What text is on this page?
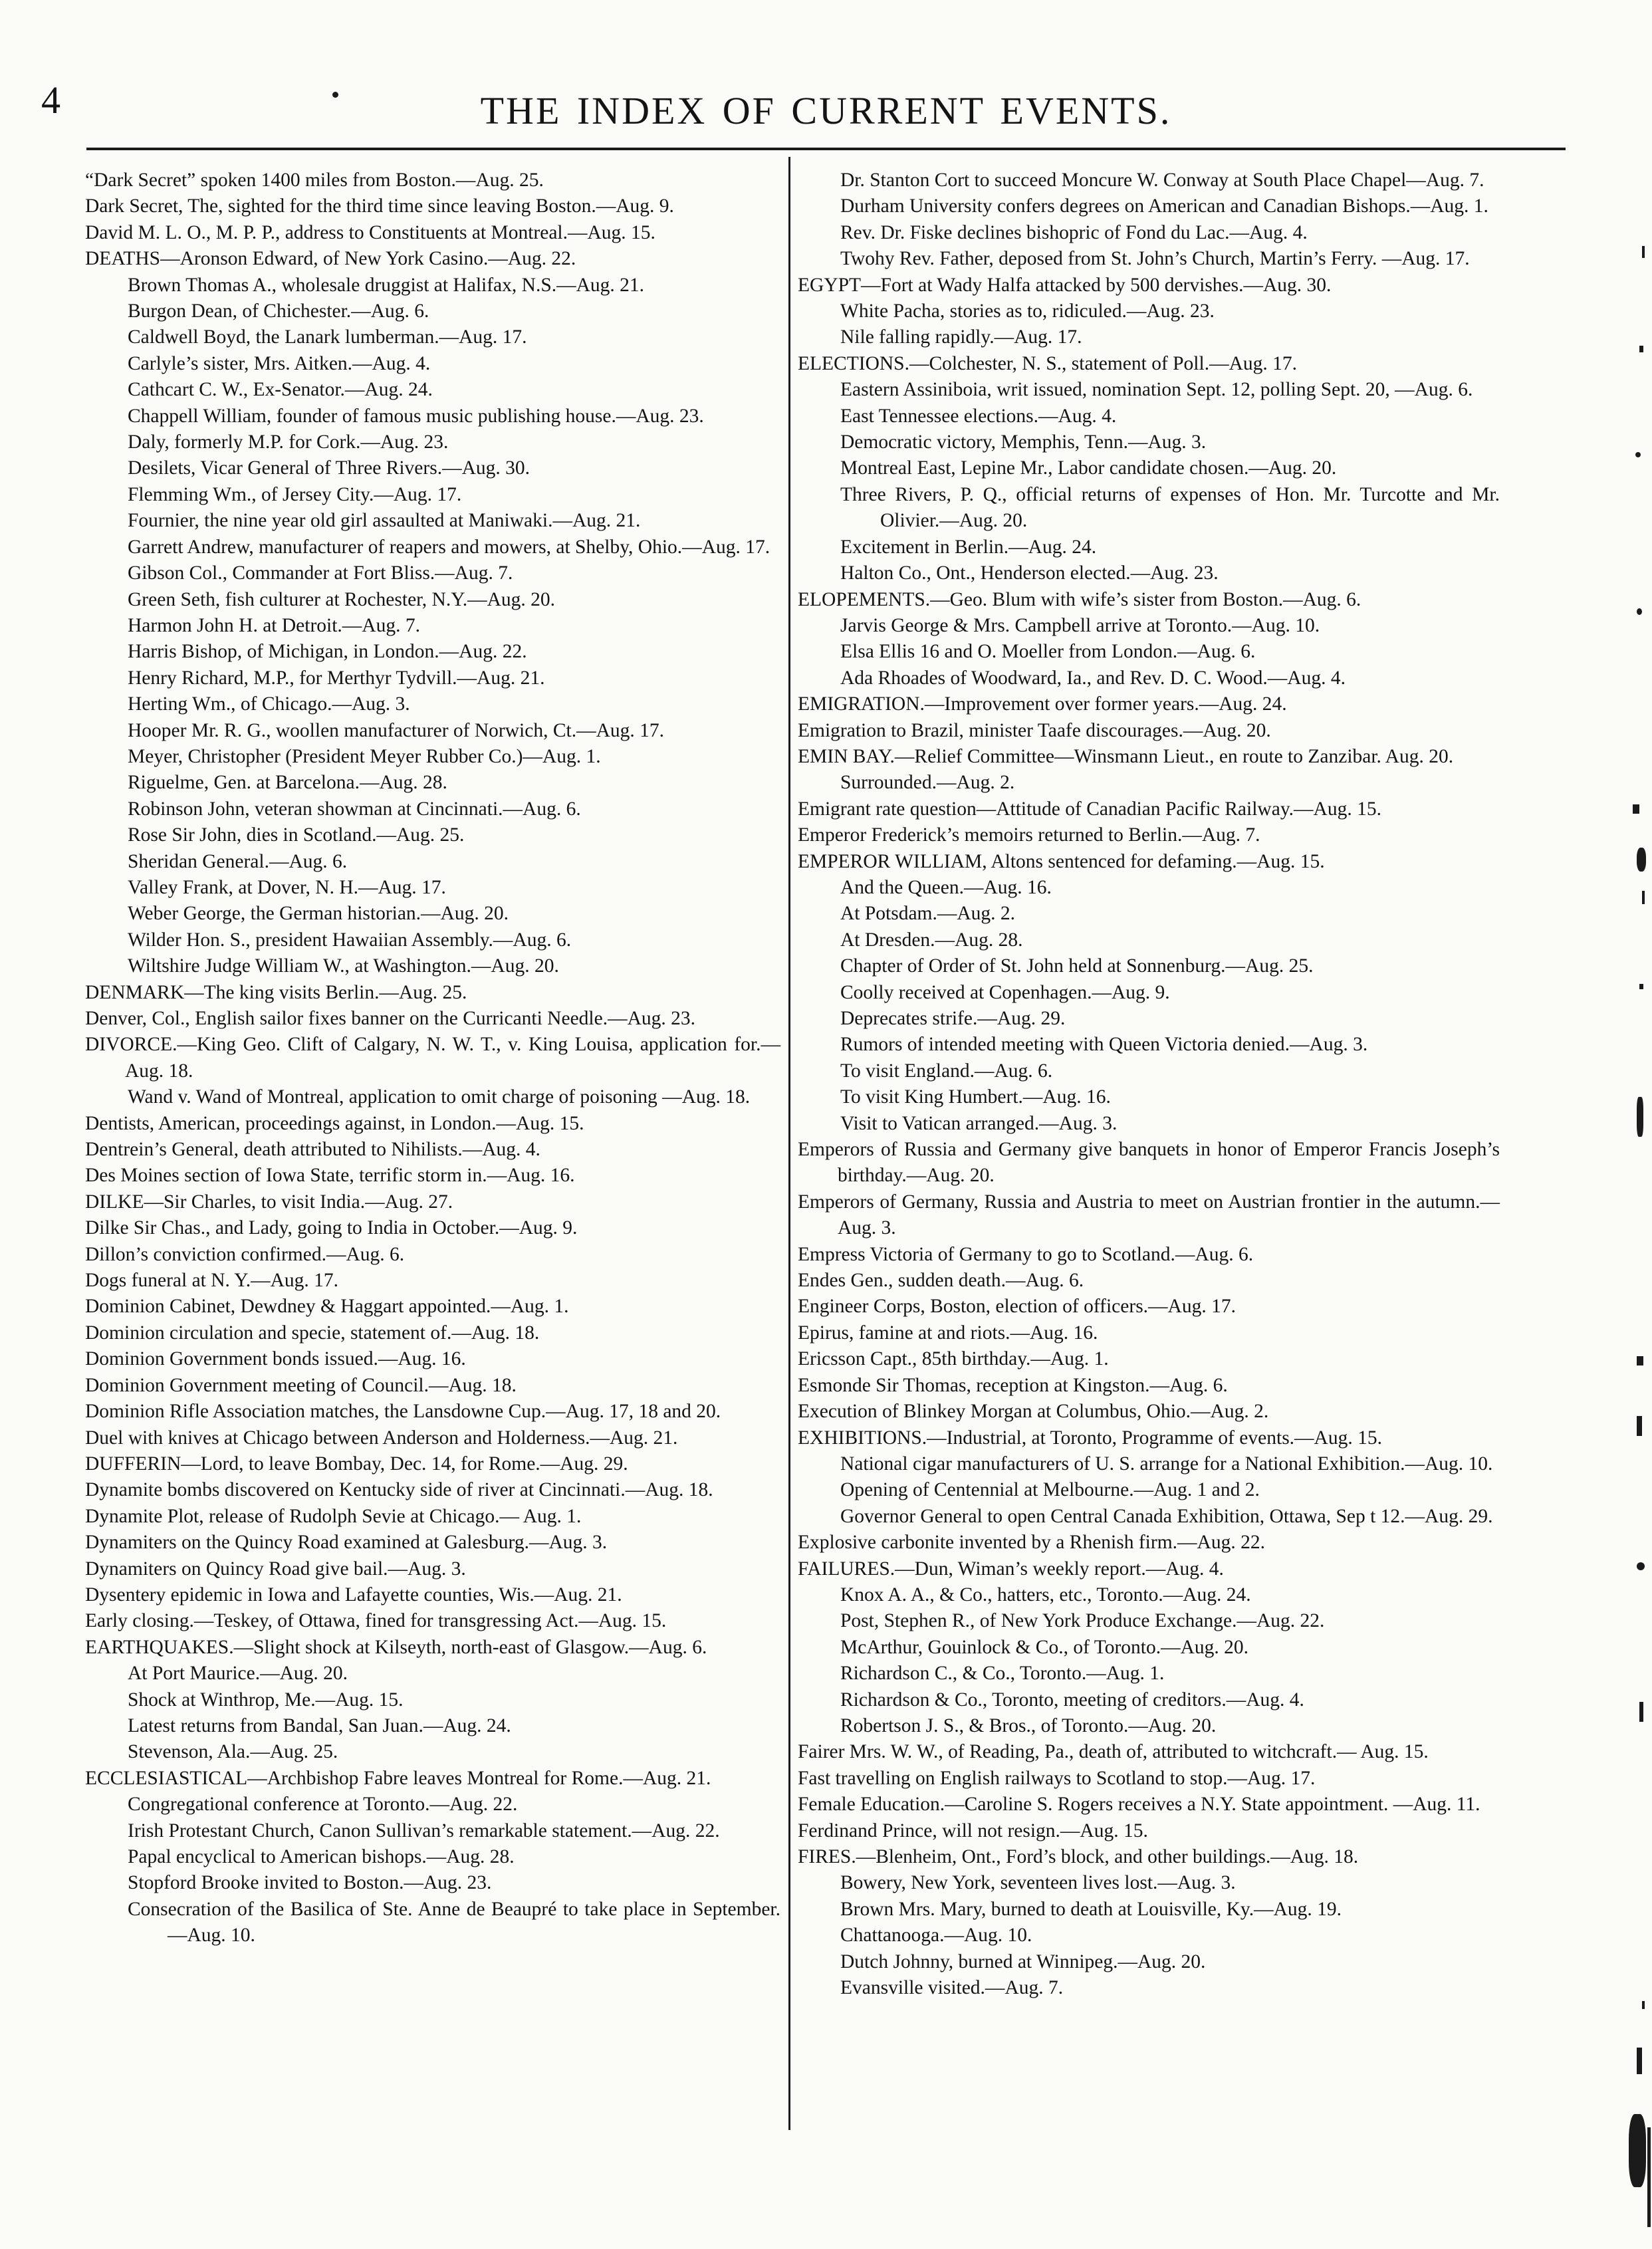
4	THE INDEX OF CURRENT EVENTS.
“Dark Secret” spoken 1400 miles from Boston.—Aug. 25.
Dark Secret, The, sighted for the third time since leaving Boston.—Aug. 9.
David M. L. O., M. P. P., address to Constituents at Montreal.—Aug. 15.
DEATHS—Aronson Edward, of New York Casino.—Aug. 22.
Brown Thomas A., wholesale druggist at Halifax, N.S.—Aug. 21.
Burgon Dean, of Chichester.—Aug. 6.
Caldwell Boyd, the Lanark lumberman.—Aug. 17.
Carlyle’s sister, Mrs. Aitken.—Aug. 4.
Cathcart C. W., Ex-Senator.—Aug. 24.
Chappell William, founder of famous music publishing house.—Aug. 23.
Daly, formerly M.P. for Cork.—Aug. 23.
Desilets, Vicar General of Three Rivers.—Aug. 30.
Flemming Wm., of Jersey City.—Aug. 17.
Fournier, the nine year old girl assaulted at Maniwaki.—Aug. 21.
Garrett Andrew, manufacturer of reapers and mowers, at Shelby, Ohio.—Aug. 17.
Gibson Col., Commander at Fort Bliss.—Aug. 7.
Green Seth, fish culturer at Rochester, N.Y.—Aug. 20.
Harmon John H. at Detroit.—Aug. 7.
Harris Bishop, of Michigan, in London.—Aug. 22.
Henry Richard, M.P., for Merthyr Tydvill.—Aug. 21.
Herting Wm., of Chicago.—Aug. 3.
Hooper Mr. R. G., woollen manufacturer of Norwich, Ct.—Aug. 17.
Meyer, Christopher (President Meyer Rubber Co.)—Aug. 1.
Riguelme, Gen. at Barcelona.—Aug. 28.
Robinson John, veteran showman at Cincinnati.—Aug. 6.
Rose Sir John, dies in Scotland.—Aug. 25.
Sheridan General.—Aug. 6.
Valley Frank, at Dover, N. H.—Aug. 17.
Weber George, the German historian.—Aug. 20.
Wilder Hon. S., president Hawaiian Assembly.—Aug. 6.
Wiltshire Judge William W., at Washington.—Aug. 20.
DENMARK—The king visits Berlin.—Aug. 25.
Denver, Col., English sailor fixes banner on the Curricanti Needle.—Aug. 23.
DIVORCE.—King Geo. Clift of Calgary, N. W. T., v. King Louisa, application for.—Aug. 18.
Wand v. Wand of Montreal, application to omit charge of poisoning —Aug. 18.
Dentists, American, proceedings against, in London.—Aug. 15.
Dentrein’s General, death attributed to Nihilists.—Aug. 4.
Des Moines section of Iowa State, terrific storm in.—Aug. 16.
DILKE—Sir Charles, to visit India.—Aug. 27.
Dilke Sir Chas., and Lady, going to India in October.—Aug. 9.
Dillon’s conviction confirmed.—Aug. 6.
Dogs funeral at N. Y.—Aug. 17.
Dominion Cabinet, Dewdney & Haggart appointed.—Aug. 1.
Dominion circulation and specie, statement of.—Aug. 18.
Dominion Government bonds issued.—Aug. 16.
Dominion Government meeting of Council.—Aug. 18.
Dominion Rifle Association matches, the Lansdowne Cup.—Aug. 17, 18 and 20.
Duel with knives at Chicago between Anderson and Holderness.—Aug. 21.
DUFFERIN—Lord, to leave Bombay, Dec. 14, for Rome.—Aug. 29.
Dynamite bombs discovered on Kentucky side of river at Cincinnati.—Aug. 18.
Dynamite Plot, release of Rudolph Sevie at Chicago.— Aug. 1.
Dynamiters on the Quincy Road examined at Galesburg.—Aug. 3.
Dynamiters on Quincy Road give bail.—Aug. 3.
Dysentery epidemic in Iowa and Lafayette counties, Wis.—Aug. 21.
Early closing.—Teskey, of Ottawa, fined for transgressing Act.—Aug. 15.
EARTHQUAKES.—Slight shock at Kilseyth, north-east of Glasgow.—Aug. 6.
At Port Maurice.—Aug. 20.
Shock at Winthrop, Me.—Aug. 15.
Latest returns from Bandal, San Juan.—Aug. 24.
Stevenson, Ala.—Aug. 25.
ECCLESIASTICAL—Archbishop Fabre leaves Montreal for Rome.—Aug. 21.
Congregational conference at Toronto.—Aug. 22.
Irish Protestant Church, Canon Sullivan’s remarkable statement.—Aug. 22.
Papal encyclical to American bishops.—Aug. 28.
Stopford Brooke invited to Boston.—Aug. 23.
Consecration of the Basilica of Ste. Anne de Beaupré to take place in September.—Aug. 10.
Dr. Stanton Cort to succeed Moncure W. Conway at South Place Chapel—Aug. 7.
Durham University confers degrees on American and Canadian Bishops.—Aug. 1.
Rev. Dr. Fiske declines bishopric of Fond du Lac.—Aug. 4.
Twohy Rev. Father, deposed from St. John’s Church, Martin’s Ferry. —Aug. 17.
EGYPT—Fort at Wady Halfa attacked by 500 dervishes.—Aug. 30.
White Pacha, stories as to, ridiculed.—Aug. 23.
Nile falling rapidly.—Aug. 17.
ELECTIONS.—Colchester, N. S., statement of Poll.—Aug. 17.
Eastern Assiniboia, writ issued, nomination Sept. 12, polling Sept. 20, —Aug. 6.
East Tennessee elections.—Aug. 4.
Democratic victory, Memphis, Tenn.—Aug. 3.
Montreal East, Lepine Mr., Labor candidate chosen.—Aug. 20.
Three Rivers, P. Q., official returns of expenses of Hon. Mr. Turcotte and Mr. Olivier.—Aug. 20.
Excitement in Berlin.—Aug. 24.
Halton Co., Ont., Henderson elected.—Aug. 23.
ELOPEMENTS.—Geo. Blum with wife’s sister from Boston.—Aug. 6.
Jarvis George & Mrs. Campbell arrive at Toronto.—Aug. 10.
Elsa Ellis 16 and O. Moeller from London.—Aug. 6.
Ada Rhoades of Woodward, Ia., and Rev. D. C. Wood.—Aug. 4.
EMIGRATION.—Improvement over former years.—Aug. 24.
Emigration to Brazil, minister Taafe discourages.—Aug. 20.
EMIN BAY.—Relief Committee—Winsmann Lieut., en route to Zanzibar. Aug. 20.
Surrounded.—Aug. 2.
Emigrant rate question—Attitude of Canadian Pacific Railway.—Aug. 15.
Emperor Frederick’s memoirs returned to Berlin.—Aug. 7.
EMPEROR WILLIAM, Altons sentenced for defaming.—Aug. 15.
And the Queen.—Aug. 16.
At Potsdam.—Aug. 2.
At Dresden.—Aug. 28.
Chapter of Order of St. John held at Sonnenburg.—Aug. 25.
Coolly received at Copenhagen.—Aug. 9.
Deprecates strife.—Aug. 29.
Rumors of intended meeting with Queen Victoria denied.—Aug. 3.
To visit England.—Aug. 6.
To visit King Humbert.—Aug. 16.
Visit to Vatican arranged.—Aug. 3.
Emperors of Russia and Germany give banquets in honor of Emperor Francis Joseph’s birthday.—Aug. 20.
Emperors of Germany, Russia and Austria to meet on Austrian frontier in the autumn.—Aug. 3.
Empress Victoria of Germany to go to Scotland.—Aug. 6.
Endes Gen., sudden death.—Aug. 6.
Engineer Corps, Boston, election of officers.—Aug. 17.
Epirus, famine at and riots.—Aug. 16.
Ericsson Capt., 85th birthday.—Aug. 1.
Esmonde Sir Thomas, reception at Kingston.—Aug. 6.
Execution of Blinkey Morgan at Columbus, Ohio.—Aug. 2.
EXHIBITIONS.—Industrial, at Toronto, Programme of events.—Aug. 15.
National cigar manufacturers of U. S. arrange for a National Exhibition.—Aug. 10.
Opening of Centennial at Melbourne.—Aug. 1 and 2.
Governor General to open Central Canada Exhibition, Ottawa, Sep t 12.—Aug. 29.
Explosive carbonite invented by a Rhenish firm.—Aug. 22.
FAILURES.—Dun, Wiman’s weekly report.—Aug. 4.
Knox A. A., & Co., hatters, etc., Toronto.—Aug. 24.
Post, Stephen R., of New York Produce Exchange.—Aug. 22.
McArthur, Gouinlock & Co., of Toronto.—Aug. 20.
Richardson C., & Co., Toronto.—Aug. 1.
Richardson & Co., Toronto, meeting of creditors.—Aug. 4.
Robertson J. S., & Bros., of Toronto.—Aug. 20.
Fairer Mrs. W. W., of Reading, Pa., death of, attributed to witchcraft.— Aug. 15.
Fast travelling on English railways to Scotland to stop.—Aug. 17.
Female Education.—Caroline S. Rogers receives a N.Y. State appointment. —Aug. 11.
Ferdinand Prince, will not resign.—Aug. 15.
FIRES.—Blenheim, Ont., Ford’s block, and other buildings.—Aug. 18.
Bowery, New York, seventeen lives lost.—Aug. 3.
Brown Mrs. Mary, burned to death at Louisville, Ky.—Aug. 19.
Chattanooga.—Aug. 10.
Dutch Johnny, burned at Winnipeg.—Aug. 20.
Evansville visited.—Aug. 7.
